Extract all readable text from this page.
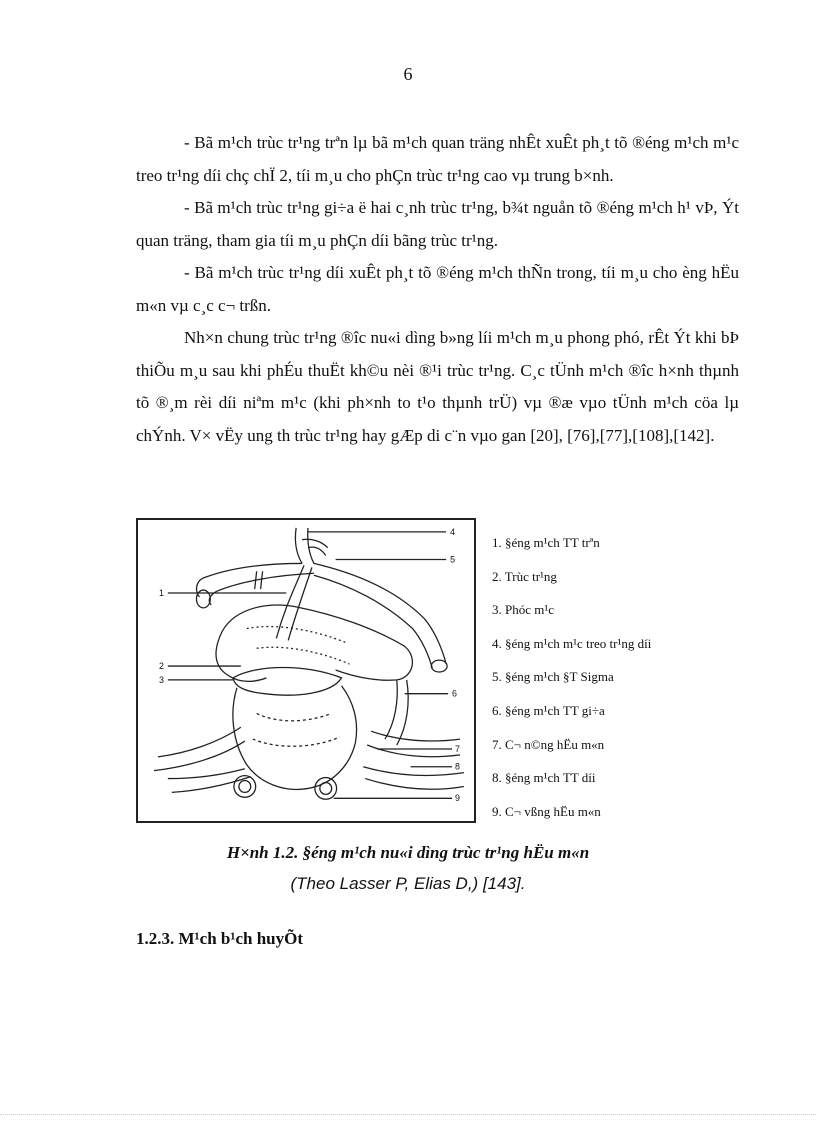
6

- Bã m¹ch trùc tr¹ng trªn lµ bã m¹ch quan träng nhÊt xuÊt ph¸t tõ ®éng m¹ch m¹c treo tr¹ng díi chç chÏ 2, tíi m¸u cho phÇn trùc tr¹ng cao vµ trung b×nh.

- Bã m¹ch trùc tr¹ng gi÷a ë hai c¸nh trùc tr¹ng, b¾t nguån tõ ®éng m¹ch h¹ vÞ, Ýt quan träng, tham gia tíi m¸u phÇn díi bãng trùc tr¹ng.

- Bã m¹ch trùc tr¹ng díi xuÊt ph¸t tõ ®éng m¹ch thÑn trong, tíi m¸u cho èng hËu m«n vµ c¸c c¬ trßn.

Nh×n chung trùc tr¹ng ®îc nu«i dìng b»ng líi m¹ch m¸u phong phó, rÊt Ýt khi bÞ thiÕu m¸u sau khi phÉu thuËt kh©u nèi ®¹i trùc tr¹ng. C¸c tÜnh m¹ch ®îc h×nh thµnh tõ ®¸m rèi díi niªm m¹c (khi ph×nh to t¹o thµnh trÜ) vµ ®æ vµo tÜnh m¹ch cöa lµ chÝnh. V× vËy ung th trùc tr¹ng hay gÆp di c¨n vµo gan [20], [76],[77],[108],[142].

1
2
3
4
5
6
7
8
9
1. §éng m¹ch TT trªn
2. Trùc tr¹ng
3. Phóc m¹c
4. §éng m¹ch m¹c treo tr¹ng díi
5. §éng m¹ch §T Sigma
6. §éng m¹ch TT gi÷a
7. C¬ n©ng hËu m«n
8. §éng m¹ch TT díi
9. C¬ vßng hËu m«n
H×nh 1.2. §éng m¹ch nu«i dìng trùc tr¹ng hËu m«n
(Theo Lasser P, Elias D,) [143].
1.2.3. M¹ch b¹ch huyÕt
